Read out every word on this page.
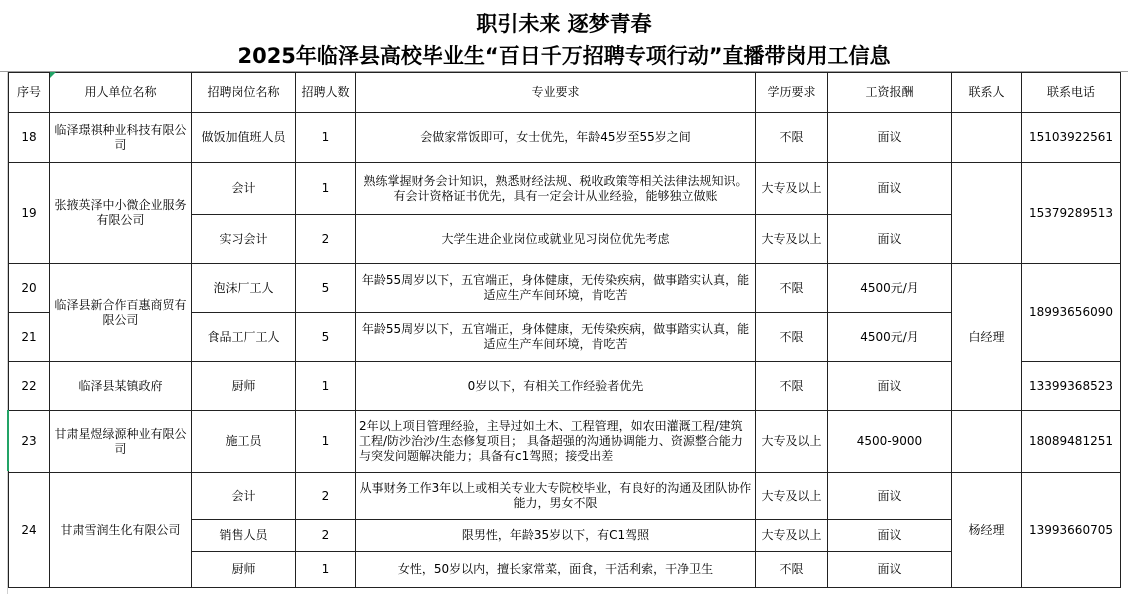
职引未来 逐梦青春
2025年临泽县高校毕业生“百日千万招聘专项行动”直播带岗用工信息
序号	用人单位名称	招聘岗位名称	招聘人数	专业要求	学历要求	工资报酬	联系人	联系电话
18	临泽璟祺种业科技有限公司	做饭加值班人员	1	会做家常饭即可，女士优先，年龄45岁至55岁之间	不限	面议		15103922561
19	张掖英泽中小微企业服务有限公司	会计	1	熟练掌握财务会计知识，熟悉财经法规、税收政策等相关法律法规知识。有会计资格证书优先，具有一定会计从业经验，能够独立做账	大专及以上	面议		15379289513
		实习会计	2	大学生进企业岗位或就业见习岗位优先考虑	大专及以上	面议		
20	临泽县新合作百惠商贸有限公司	泡沫厂工人	5	年龄55周岁以下，五官端正，身体健康，无传染疾病，做事踏实认真，能适应生产车间环境，肯吃苦	不限	4500元/月	白经理	18993656090
21		食品工厂工人	5	年龄55周岁以下，五官端正，身体健康，无传染疾病，做事踏实认真，能适应生产车间环境，肯吃苦	不限	4500元/月		
22	临泽县某镇政府	厨师	1	0岁以下，有相关工作经验者优先	不限	面议		13399368523
23	甘肃星煜绿源种业有限公司	施工员	1	2年以上项目管理经验，主导过如土木、工程管理，如农田灌溉工程/建筑工程/防沙治沙/生态修复项目； 具备超强的沟通协调能力、资源整合能力与突发问题解决能力；具备有c1驾照；接受出差	大专及以上	4500-9000		18089481251
24	甘肃雪润生化有限公司	会计	2	从事财务工作3年以上或相关专业大专院校毕业，有良好的沟通及团队协作能力，男女不限	大专及以上	面议	杨经理	13993660705
		销售人员	2	限男性，年龄35岁以下，有C1驾照	大专及以上	面议		
		厨师	1	女性，50岁以内，擅长家常菜，面食，干活利索，干净卫生	不限	面议		
